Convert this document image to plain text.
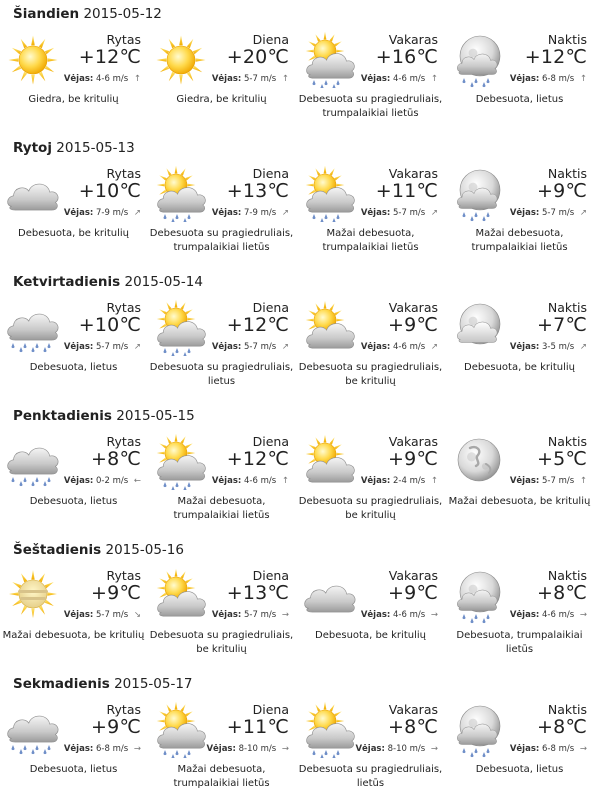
Šiandien 2015-05-12
Rytas
+12℃
Vėjas: 4-6 m/s ↑
Giedra, be kritulių
Diena
+20℃
Vėjas: 5-7 m/s ↑
Giedra, be kritulių
Vakaras
+16℃
Vėjas: 4-6 m/s ↑
Debesuota su pragiedruliais, trumpalaikiai lietūs
Naktis
+12℃
Vėjas: 6-8 m/s ↑
Debesuota, lietus
Rytoj 2015-05-13
Rytas
+10℃
Vėjas: 7-9 m/s ↗
Debesuota, be kritulių
Diena
+13℃
Vėjas: 7-9 m/s ↗
Debesuota su pragiedruliais, trumpalaikiai lietūs
Vakaras
+11℃
Vėjas: 5-7 m/s ↗
Mažai debesuota, trumpalaikiai lietūs
Naktis
+9℃
Vėjas: 5-7 m/s ↗
Mažai debesuota, trumpalaikiai lietūs
Ketvirtadienis 2015-05-14
Rytas
+10℃
Vėjas: 5-7 m/s ↗
Debesuota, lietus
Diena
+12℃
Vėjas: 5-7 m/s ↗
Debesuota su pragiedruliais, lietus
Vakaras
+9℃
Vėjas: 4-6 m/s ↗
Debesuota su pragiedruliais, be kritulių
Naktis
+7℃
Vėjas: 3-5 m/s ↗
Debesuota, be kritulių
Penktadienis 2015-05-15
Rytas
+8℃
Vėjas: 0-2 m/s ←
Debesuota, lietus
Diena
+12℃
Vėjas: 4-6 m/s ↑
Mažai debesuota, trumpalaikiai lietūs
Vakaras
+9℃
Vėjas: 2-4 m/s ↑
Debesuota su pragiedruliais, be kritulių
Naktis
+5℃
Vėjas: 5-7 m/s ↑
Mažai debesuota, be kritulių
Šeštadienis 2015-05-16
Rytas
+9℃
Vėjas: 5-7 m/s ↘
Mažai debesuota, be kritulių
Diena
+13℃
Vėjas: 5-7 m/s →
Debesuota su pragiedruliais, be kritulių
Vakaras
+9℃
Vėjas: 4-6 m/s →
Debesuota, be kritulių
Naktis
+8℃
Vėjas: 4-6 m/s →
Debesuota, trumpalaikiai lietūs
Sekmadienis 2015-05-17
Rytas
+9℃
Vėjas: 6-8 m/s →
Debesuota, lietus
Diena
+11℃
Vėjas: 8-10 m/s →
Mažai debesuota, trumpalaikiai lietūs
Vakaras
+8℃
Vėjas: 8-10 m/s →
Debesuota su pragiedruliais, lietūs
Naktis
+8℃
Vėjas: 6-8 m/s →
Debesuota, lietus
